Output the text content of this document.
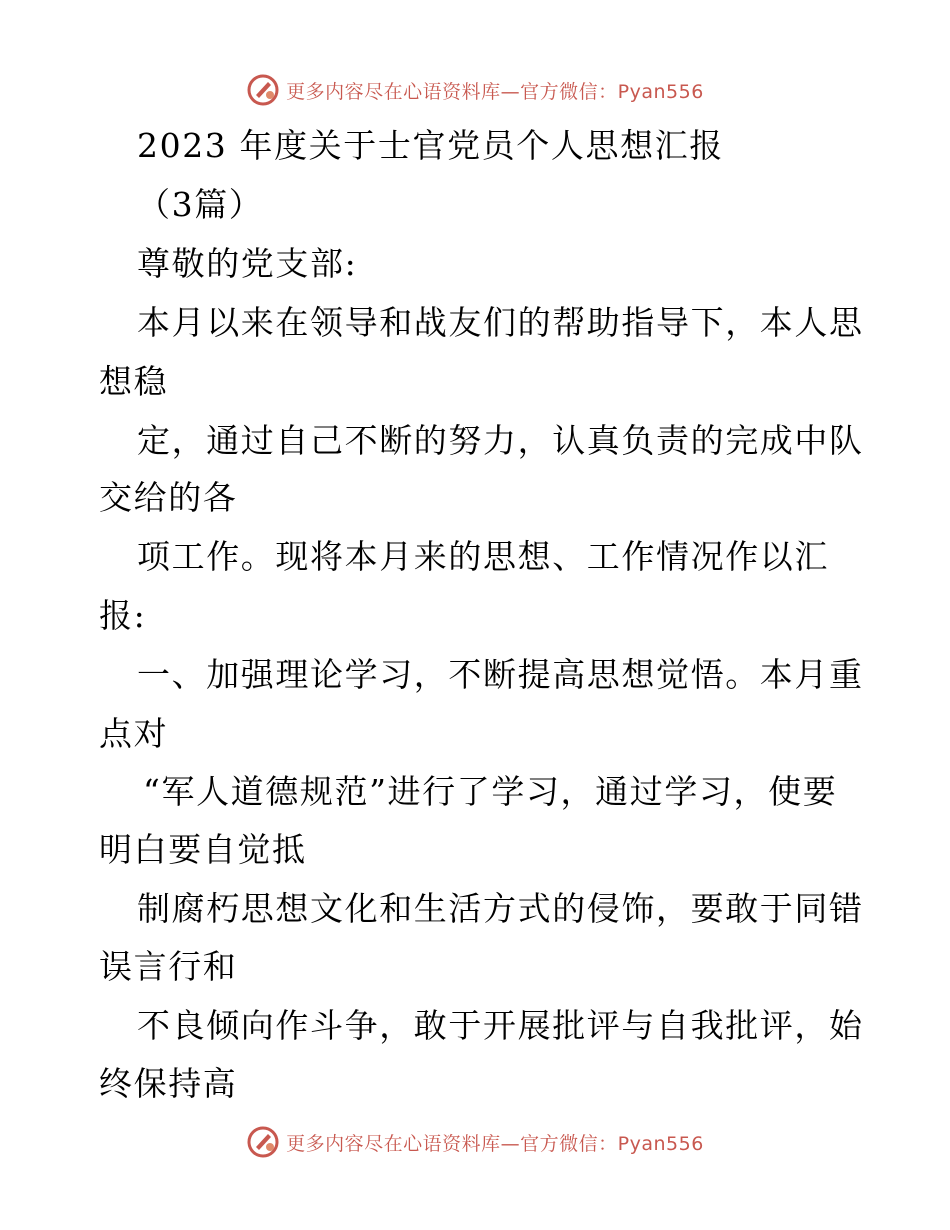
更多内容尽在心语资料库—官方微信：Pyan556
2023 年度关于士官党员个人思想汇报
（3篇）
尊敬的党支部:
本月以来在领导和战友们的帮助指导下，本人思
想稳
定，通过自己不断的努力，认真负责的完成中队
交给的各
项工作。现将本月来的思想、工作情况作以汇
报:
一、加强理论学习，不断提高思想觉悟。本月重
点对
“军人道德规范”进行了学习，通过学习，使要
明白要自觉抵
制腐朽思想文化和生活方式的侵饰，要敢于同错
误言行和
不良倾向作斗争，敢于开展批评与自我批评，始
终保持高
更多内容尽在心语资料库—官方微信：Pyan556
